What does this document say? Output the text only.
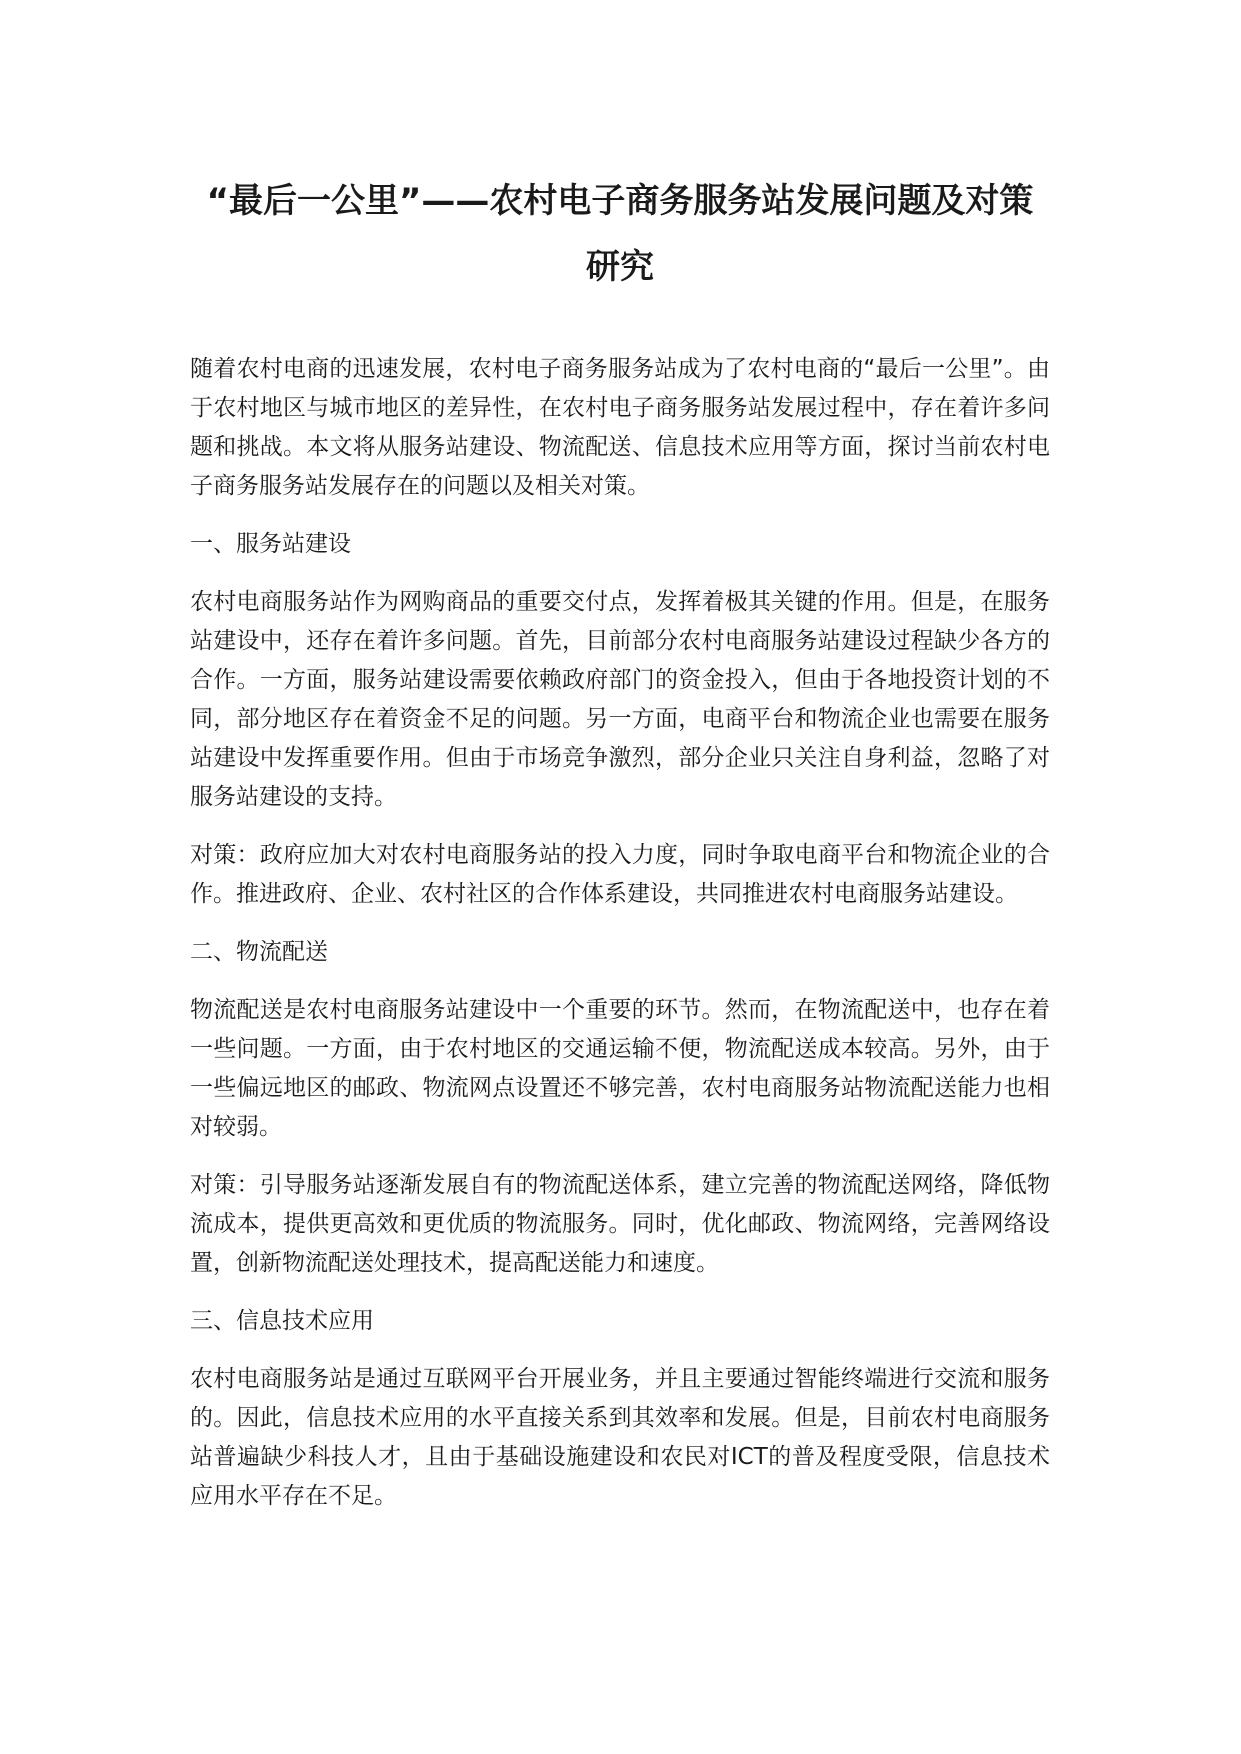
“最后一公里”——农村电子商务服务站发展问题及对策研究

随着农村电商的迅速发展，农村电子商务服务站成为了农村电商的“最后一公里”。由于农村地区与城市地区的差异性，在农村电子商务服务站发展过程中，存在着许多问题和挑战。本文将从服务站建设、物流配送、信息技术应用等方面，探讨当前农村电子商务服务站发展存在的问题以及相关对策。

一、服务站建设

农村电商服务站作为网购商品的重要交付点，发挥着极其关键的作用。但是，在服务站建设中，还存在着许多问题。首先，目前部分农村电商服务站建设过程缺少各方的合作。一方面，服务站建设需要依赖政府部门的资金投入，但由于各地投资计划的不同，部分地区存在着资金不足的问题。另一方面，电商平台和物流企业也需要在服务站建设中发挥重要作用。但由于市场竞争激烈，部分企业只关注自身利益，忽略了对服务站建设的支持。

对策：政府应加大对农村电商服务站的投入力度，同时争取电商平台和物流企业的合作。推进政府、企业、农村社区的合作体系建设，共同推进农村电商服务站建设。

二、物流配送

物流配送是农村电商服务站建设中一个重要的环节。然而，在物流配送中，也存在着一些问题。一方面，由于农村地区的交通运输不便，物流配送成本较高。另外，由于一些偏远地区的邮政、物流网点设置还不够完善，农村电商服务站物流配送能力也相对较弱。

对策：引导服务站逐渐发展自有的物流配送体系，建立完善的物流配送网络，降低物流成本，提供更高效和更优质的物流服务。同时，优化邮政、物流网络，完善网络设置，创新物流配送处理技术，提高配送能力和速度。

三、信息技术应用

农村电商服务站是通过互联网平台开展业务，并且主要通过智能终端进行交流和服务的。因此，信息技术应用的水平直接关系到其效率和发展。但是，目前农村电商服务站普遍缺少科技人才，且由于基础设施建设和农民对ICT的普及程度受限，信息技术应用水平存在不足。
